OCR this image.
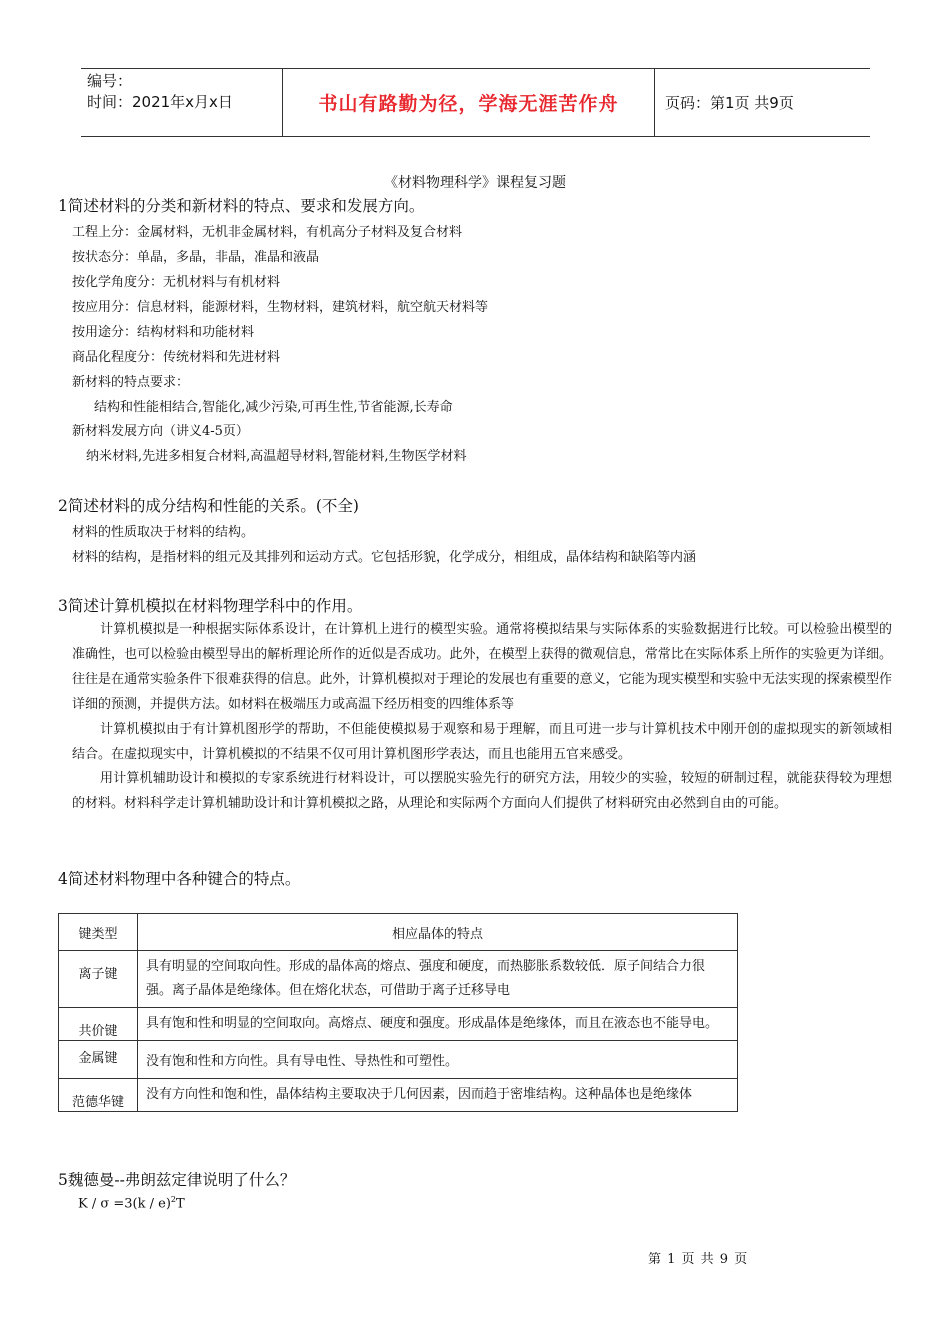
编号：
时间：2021年x月x日	书山有路勤为径，学海无涯苦作舟	页码：第1页 共9页
《材料物理科学》课程复习题
1简述材料的分类和新材料的特点、要求和发展方向。
工程上分：金属材料，无机非金属材料，有机高分子材料及复合材料
按状态分：单晶，多晶，非晶，准晶和液晶
按化学角度分：无机材料与有机材料
按应用分：信息材料，能源材料，生物材料，建筑材料，航空航天材料等
按用途分：结构材料和功能材料
商品化程度分：传统材料和先进材料
新材料的特点要求：
结构和性能相结合,智能化,减少污染,可再生性,节省能源,长寿命
新材料发展方向（讲义4-5页）
纳米材料,先进多相复合材料,高温超导材料,智能材料,生物医学材料
2简述材料的成分结构和性能的关系。(不全)
材料的性质取决于材料的结构。
材料的结构，是指材料的组元及其排列和运动方式。它包括形貌，化学成分，相组成，晶体结构和缺陷等内涵
3简述计算机模拟在材料物理学科中的作用。
计算机模拟是一种根据实际体系设计，在计算机上进行的模型实验。通常将模拟结果与实际体系的实验数据进行比较。可以检验出模型的准确性，也可以检验由模型导出的解析理论所作的近似是否成功。此外，在模型上获得的微观信息，常常比在实际体系上所作的实验更为详细。往往是在通常实验条件下很难获得的信息。此外，计算机模拟对于理论的发展也有重要的意义，它能为现实模型和实验中无法实现的探索模型作详细的预测，并提供方法。如材料在极端压力或高温下经历相变的四维体系等
计算机模拟由于有计算机图形学的帮助，不但能使模拟易于观察和易于理解，而且可进一步与计算机技术中刚开创的虚拟现实的新领域相结合。在虚拟现实中，计算机模拟的不结果不仅可用计算机图形学表达，而且也能用五官来感受。
用计算机辅助设计和模拟的专家系统进行材料设计，可以摆脱实验先行的研究方法，用较少的实验，较短的研制过程，就能获得较为理想的材料。材料科学走计算机辅助设计和计算机模拟之路，从理论和实际两个方面向人们提供了材料研究由必然到自由的可能。
4简述材料物理中各种键合的特点。
键类型	相应晶体的特点
离子键	具有明显的空间取向性。形成的晶体高的熔点、强度和硬度，而热膨胀系数较低．原子间结合力很强。离子晶体是绝缘体。但在熔化状态，可借助于离子迁移导电
共价键	具有饱和性和明显的空间取向。高熔点、硬度和强度。形成晶体是绝缘体，而且在液态也不能导电。
金属键	没有饱和性和方向性。具有导电性、导热性和可塑性。
范德华键	没有方向性和饱和性，晶体结构主要取决于几何因素，因而趋于密堆结构。这种晶体也是绝缘体
5魏德曼--弗朗兹定律说明了什么？
K / σ =3(k / e)$^2$T
第 1 页 共 9 页
